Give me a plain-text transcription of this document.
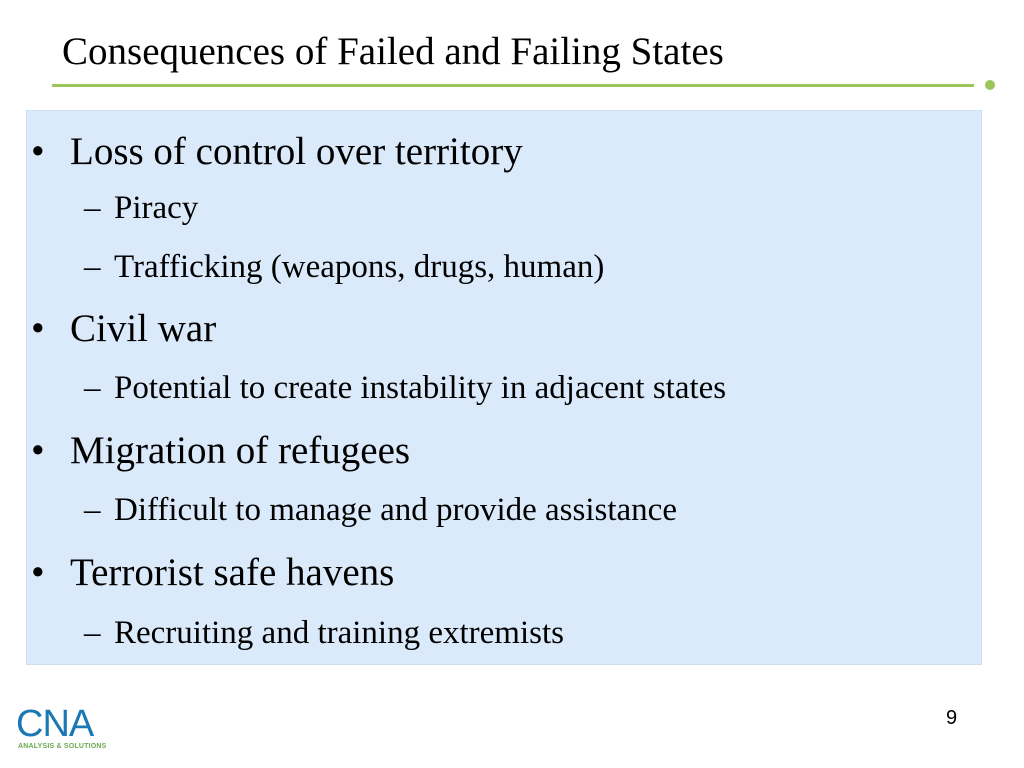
Consequences of Failed and Failing States
• Loss of control over territory
– Piracy
– Trafficking (weapons, drugs, human)
• Civil war
– Potential to create instability in adjacent states
• Migration of refugees
– Difficult to manage and provide assistance
• Terrorist safe havens
– Recruiting and training extremists
CNA
ANALYSIS & SOLUTIONS
9
